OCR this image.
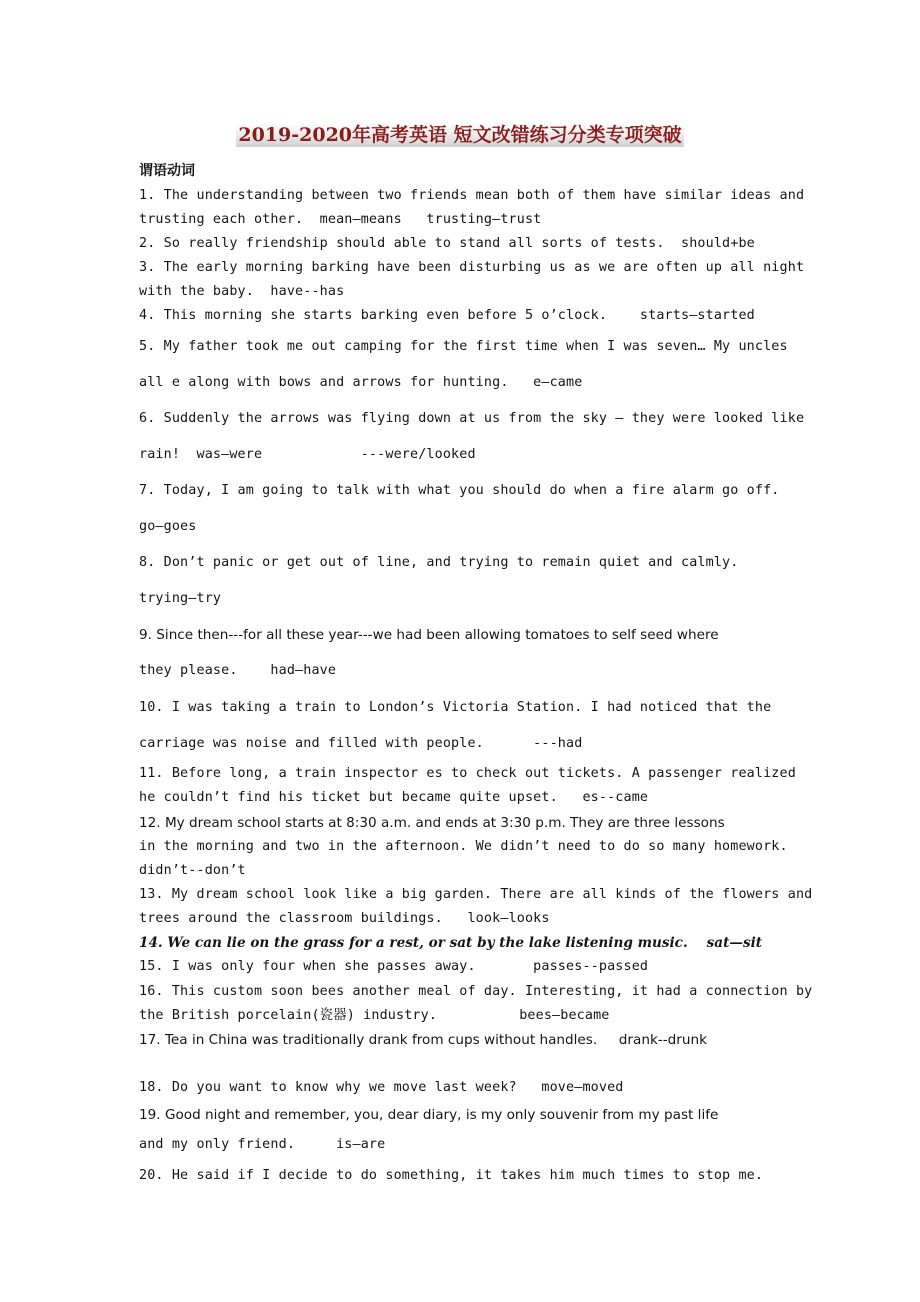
2019-2020年高考英语 短文改错练习分类专项突破
谓语动词
1. The understanding between two friends mean both of them have similar ideas and
trusting each other.  mean—means   trusting—trust
2. So really friendship should able to stand all sorts of tests.  should+be
3. The early morning barking have been disturbing us as we are often up all night
with the baby.  have--has
4. This morning she starts barking even before 5 o’clock.    starts—started
5. My father took me out camping for the first time when I was seven… My uncles
all e along with bows and arrows for hunting.   e—came
6. Suddenly the arrows was flying down at us from the sky — they were looked like
rain!  was—were            ---were/looked
7. Today, I am going to talk with what you should do when a fire alarm go off.
go—goes
8. Don’t panic or get out of line, and trying to remain quiet and calmly.
trying—try
9. Since then---for all these year---we had been allowing tomatoes to self seed where
they please.    had—have
10. I was taking a train to London’s Victoria Station. I had noticed that the
carriage was noise and filled with people.      ---had
11. Before long, a train inspector es to check out tickets. A passenger realized
he couldn’t find his ticket but became quite upset.   es--came
12. My dream school starts at 8:30 a.m. and ends at 3:30 p.m. They are three lessons
in the morning and two in the afternoon. We didn’t need to do so many homework.
didn’t--don’t
13. My dream school look like a big garden. There are all kinds of the flowers and
trees around the classroom buildings.   look—looks
14. We can lie on the grass for a rest, or sat by the lake listening music.    sat—sit
15. I was only four when she passes away.       passes--passed
16. This custom soon bees another meal of day. Interesting, it had a connection by
the British porcelain(瓷器) industry.          bees—became
17. Tea in China was traditionally drank from cups without handles.     drank--drunk
18. Do you want to know why we move last week?   move—moved
19. Good night and remember, you, dear diary, is my only souvenir from my past life
and my only friend.     is—are
20. He said if I decide to do something, it takes him much times to stop me.
